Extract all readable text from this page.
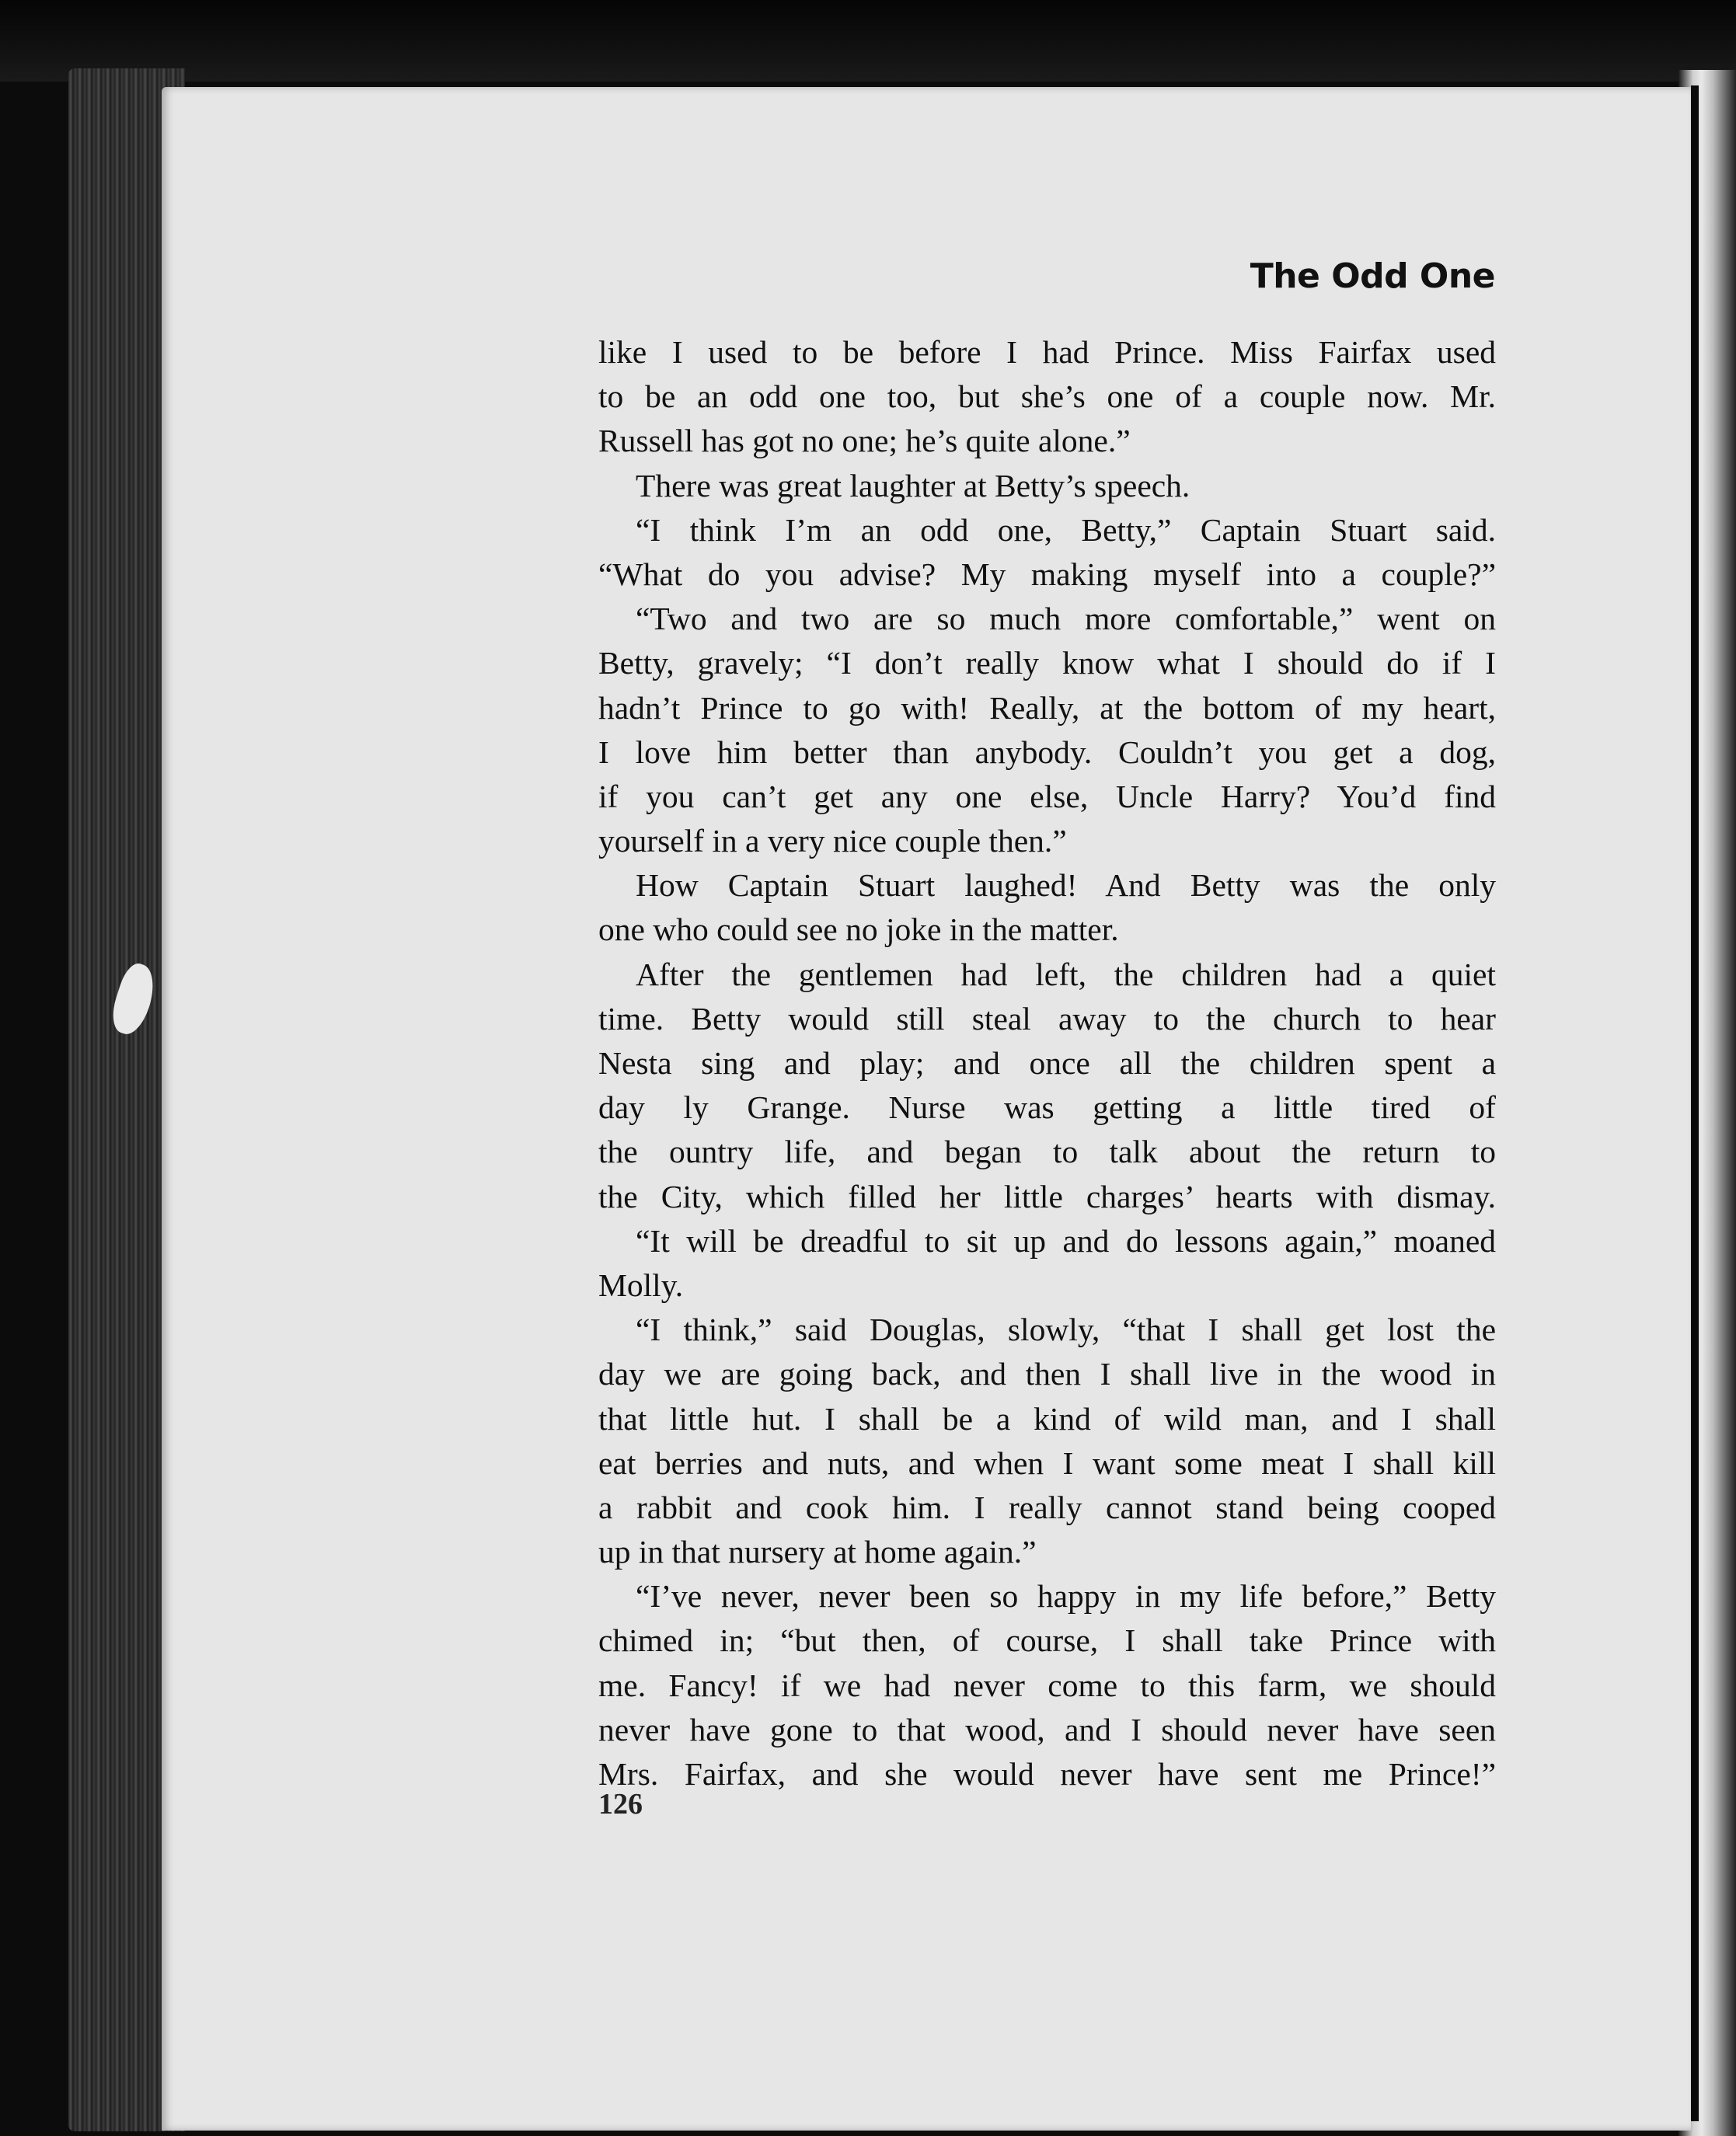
The Odd One
like I used to be before I had Prince. Miss Fairfax used
to be an odd one too, but she’s one of a couple now. Mr.
Russell has got no one; he’s quite alone.”
There was great laughter at Betty’s speech.
“I think I’m an odd one, Betty,” Captain Stuart said.
“What do you advise? My making myself into a couple?”
“Two and two are so much more comfortable,” went on
Betty, gravely; “I don’t really know what I should do if I
hadn’t Prince to go with! Really, at the bottom of my heart,
I love him better than anybody. Couldn’t you get a dog,
if you can’t get any one else, Uncle Harry? You’d find
yourself in a very nice couple then.”
How Captain Stuart laughed! And Betty was the only
one who could see no joke in the matter.
After the gentlemen had left, the children had a quiet
time. Betty would still steal away to the church to hear
Nesta sing and play; and once all the children spent a
day ly Grange. Nurse was getting a little tired of
the ountry life, and began to talk about the return to
the City, which filled her little charges’ hearts with dismay.
“It will be dreadful to sit up and do lessons again,” moaned
Molly.
“I think,” said Douglas, slowly, “that I shall get lost the
day we are going back, and then I shall live in the wood in
that little hut. I shall be a kind of wild man, and I shall
eat berries and nuts, and when I want some meat I shall kill
a rabbit and cook him. I really cannot stand being cooped
up in that nursery at home again.”
“I’ve never, never been so happy in my life before,” Betty
chimed in; “but then, of course, I shall take Prince with
me. Fancy! if we had never come to this farm, we should
never have gone to that wood, and I should never have seen
Mrs. Fairfax, and she would never have sent me Prince!”
126
